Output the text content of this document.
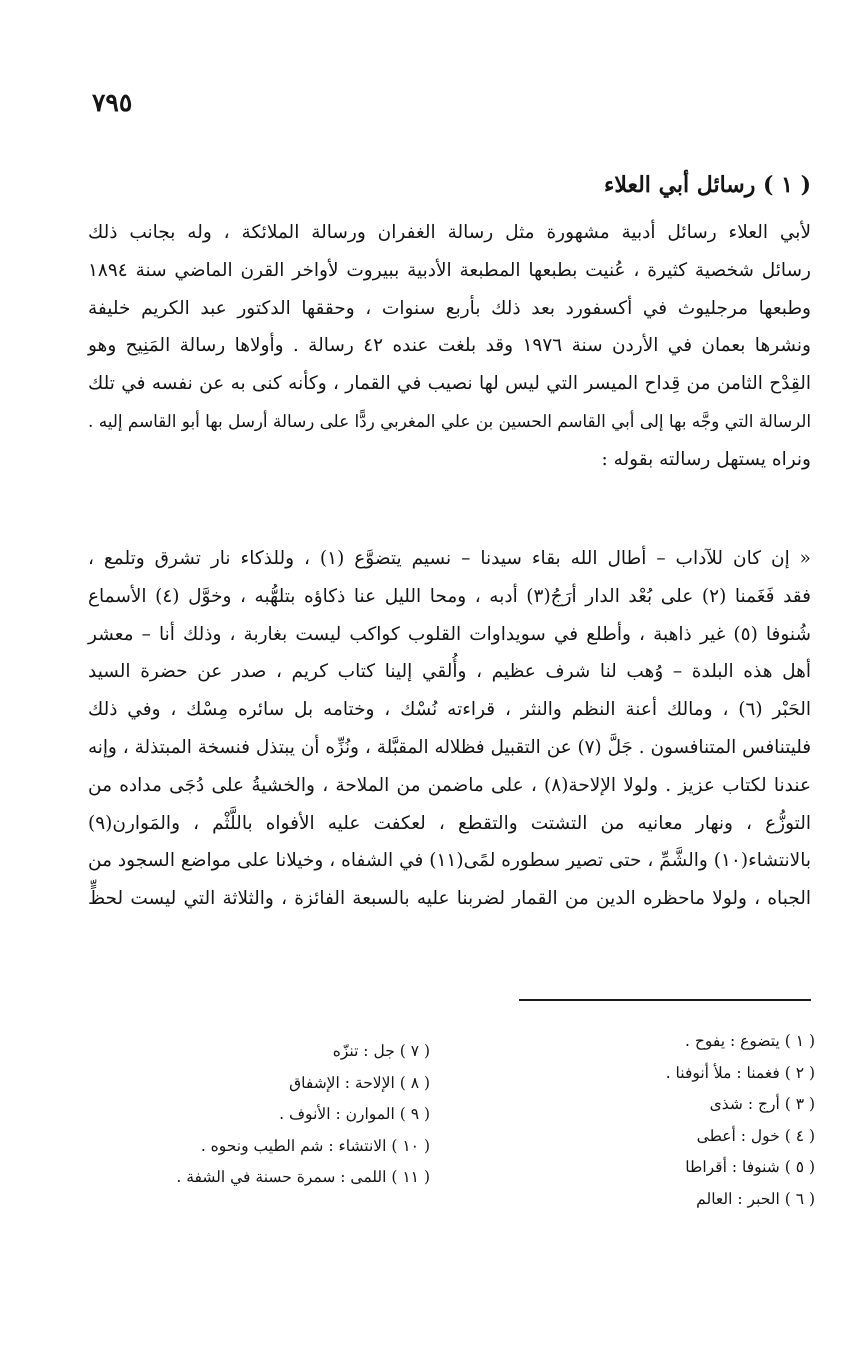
٧٩٥
( ١ ) رسائل أبي العلاء
لأبي العلاء رسائل أدبية مشهورة مثل رسالة الغفران ورسالة الملائكة ، وله بجانب ذلك
رسائل شخصية كثيرة ، عُنيت بطبعها المطبعة الأدبية ببيروت لأواخر القرن الماضي سنة ١٨٩٤
وطبعها مرجليوث في أكسفورد بعد ذلك بأربع سنوات ، وحققها الدكتور عبد الكريم خليفة
ونشرها بعمان في الأردن سنة ١٩٧٦ وقد بلغت عنده ٤٢ رسالة . وأولاها رسالة المَنِيح وهو
القِدْح الثامن من قِداح الميسر التي ليس لها نصيب في القمار ، وكأنه كنى به عن نفسه في تلك
الرسالة التي وجَّه بها إلى أبي القاسم الحسين بن علي المغربي ردًّا على رسالة أرسل بها أبو القاسم إليه .
ونراه يستهل رسالته بقوله :
« إن كان للآداب – أطال الله بقاء سيدنا – نسيم يتضوَّع (١) ، وللذكاء نار تشرق وتلمع ،
فقد فَغَمنا (٢) على بُعْد الدار أرَجُ(٣) أدبه ، ومحا الليل عنا ذكاؤه بتلهُّبه ، وخوَّل (٤) الأسماع
شُنوفا (٥) غير ذاهبة ، وأطلع في سويداوات القلوب كواكب ليست بغاربة ، وذلك أنا – معشر
أهل هذه البلدة – وُهب لنا شرف عظيم ، وأُلقي إلينا كتاب كريم ، صدر عن حضرة السيد
الحَبْر (٦) ، ومالك أعنة النظم والنثر ، قراءته نُسْك ، وختامه بل سائره مِسْك ، وفي ذلك
فليتنافس المتنافسون . جَلَّ (٧) عن التقبيل فظلاله المقبَّلة ، ونُزِّه أن يبتذل فنسخة المبتذلة ، وإنه
عندنا لكتاب عزيز . ولولا الإلاحة(٨) ، على ماضمن من الملاحة ، والخشيةُ على دُجَى مداده من
التوزُّع ، ونهار معانيه من التشتت والتقطع ، لعكفت عليه الأفواه باللَّثْم ، والمَوارن(٩)
بالانتشاء(١٠) والشَّمِّ ، حتى تصير سطوره لمًى(١١) في الشفاه ، وخيلانا على مواضع السجود من
الجباه ، ولولا ماحظره الدين من القمار لضربنا عليه بالسبعة الفائزة ، والثلاثة التي ليست لحظٍّ
( ١ ) يتضوع : يفوح .
( ٢ ) فغمنا : ملأ أنوفنا .
( ٣ ) أرج : شذى
( ٤ ) خول : أعطى
( ٥ ) شنوفا : أقراطا
( ٦ ) الحبر : العالم
( ٧ ) جل : تنزّه
( ٨ ) الإلاحة : الإشفاق
( ٩ ) الموارن : الأنوف .
( ١٠ ) الانتشاء : شم الطيب ونحوه .
( ١١ ) اللمى : سمرة حسنة في الشفة .
